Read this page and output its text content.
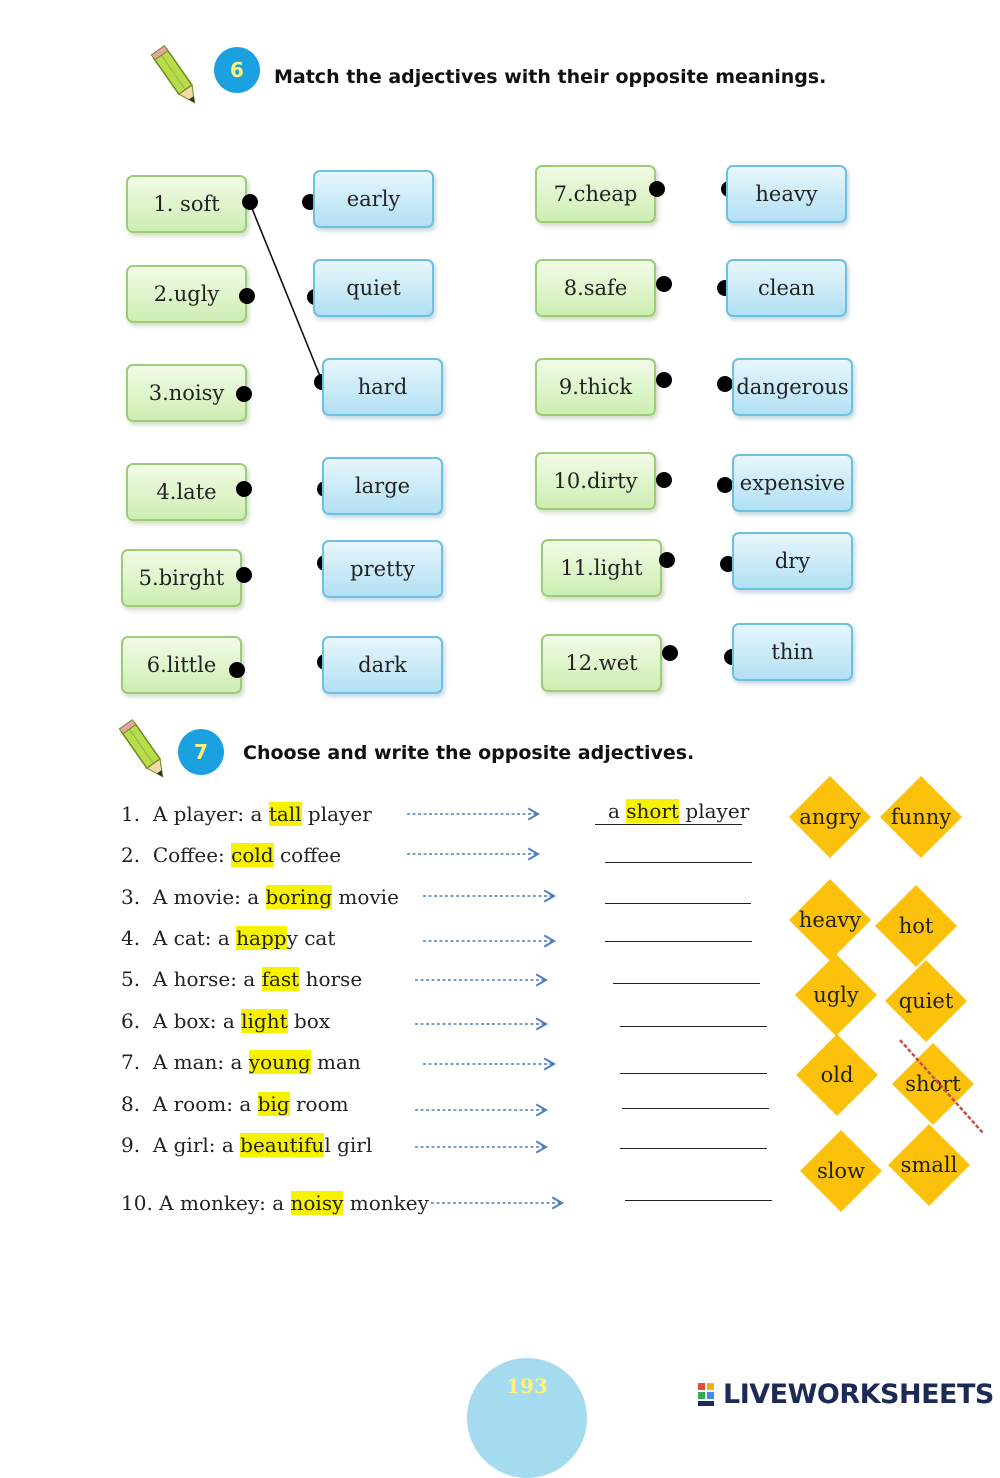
6 Match the adjectives with their opposite meanings.
1. soft
2.ugly
3.noisy
4.late
5.birght
6.little
early
quiet
hard
large
pretty
dark
7.cheap
8.safe
9.thick
10.dirty
11.light
12.wet
heavy
clean
dangerous
expensive
dry
thin
7 Choose and write the opposite adjectives.
1. A player: a tall player
2. Coffee: cold coffee
3. A movie: a boring movie
4. A cat: a happy cat
5. A horse: a fast horse
6. A box: a light box
7. A man: a young man
8. A room: a big room
9. A girl: a beautiful girl
10. A monkey: a noisy monkey
a short player	angry	funny
heavy	hot
ugly	quiet
old	short
slow	small
193	LIVEWORKSHEETS
